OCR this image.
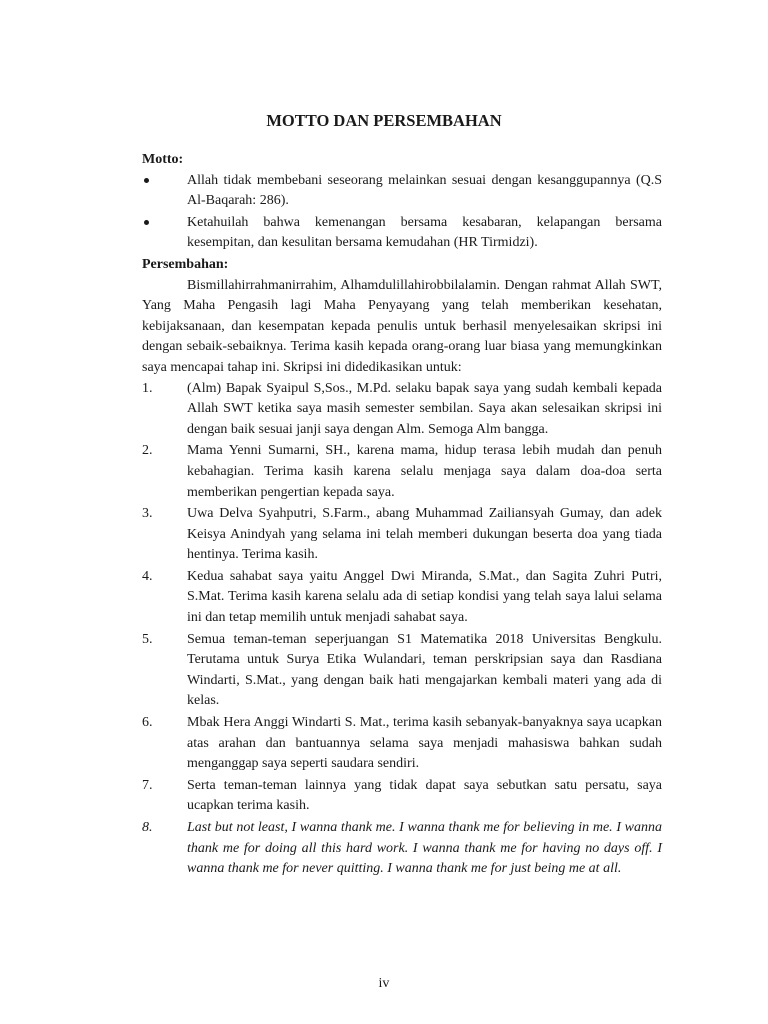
MOTTO DAN PERSEMBAHAN
Motto:
Allah tidak membebani seseorang melainkan sesuai dengan kesanggupannya (Q.S Al-Baqarah: 286).
Ketahuilah bahwa kemenangan bersama kesabaran, kelapangan bersama kesempitan, dan kesulitan bersama kemudahan (HR Tirmidzi).
Persembahan:
Bismillahirrahmanirrahim, Alhamdulillahirobbilalamin. Dengan rahmat Allah SWT, Yang Maha Pengasih lagi Maha Penyayang yang telah memberikan kesehatan, kebijaksanaan, dan kesempatan kepada penulis untuk berhasil menyelesaikan skripsi ini dengan sebaik-sebaiknya. Terima kasih kepada orang-orang luar biasa yang memungkinkan saya mencapai tahap ini. Skripsi ini didedikasikan untuk:
1. (Alm) Bapak Syaipul S,Sos., M.Pd. selaku bapak saya yang sudah kembali kepada Allah SWT ketika saya masih semester sembilan. Saya akan selesaikan skripsi ini dengan baik sesuai janji saya dengan Alm. Semoga Alm bangga.
2. Mama Yenni Sumarni, SH., karena mama, hidup terasa lebih mudah dan penuh kebahagian. Terima kasih karena selalu menjaga saya dalam doa-doa serta memberikan pengertian kepada saya.
3. Uwa Delva Syahputri, S.Farm., abang Muhammad Zailiansyah Gumay, dan adek Keisya Anindyah yang selama ini telah memberi dukungan beserta doa yang tiada hentinya. Terima kasih.
4. Kedua sahabat saya yaitu Anggel Dwi Miranda, S.Mat., dan Sagita Zuhri Putri, S.Mat. Terima kasih karena selalu ada di setiap kondisi yang telah saya lalui selama ini dan tetap memilih untuk menjadi sahabat saya.
5. Semua teman-teman seperjuangan S1 Matematika 2018 Universitas Bengkulu. Terutama untuk Surya Etika Wulandari, teman perskripsian saya dan Rasdiana Windarti, S.Mat., yang dengan baik hati mengajarkan kembali materi yang ada di kelas.
6. Mbak Hera Anggi Windarti S. Mat., terima kasih sebanyak-banyaknya saya ucapkan atas arahan dan bantuannya selama saya menjadi mahasiswa bahkan sudah menganggap saya seperti saudara sendiri.
7. Serta teman-teman lainnya yang tidak dapat saya sebutkan satu persatu, saya ucapkan terima kasih.
8. Last but not least, I wanna thank me. I wanna thank me for believing in me. I wanna thank me for doing all this hard work. I wanna thank me for having no days off. I wanna thank me for never quitting. I wanna thank me for just being me at all.
iv
